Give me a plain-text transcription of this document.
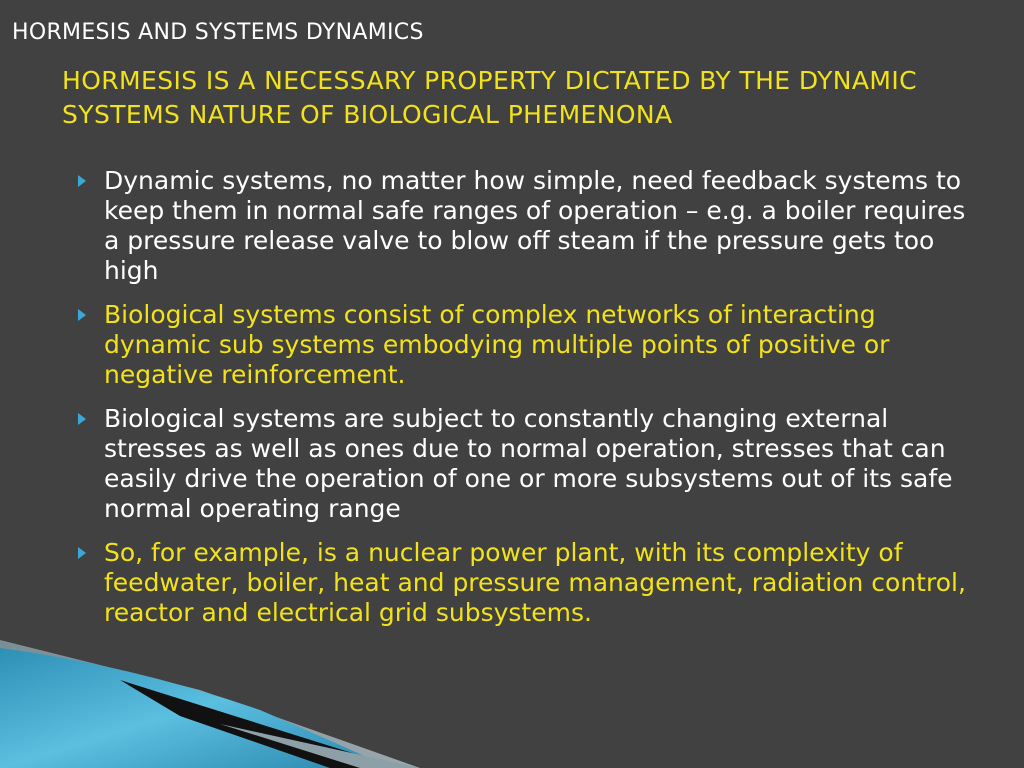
HORMESIS AND SYSTEMS DYNAMICS
HORMESIS IS A NECESSARY PROPERTY DICTATED BY THE DYNAMIC SYSTEMS NATURE OF BIOLOGICAL PHEMENONA
Dynamic systems, no matter how simple, need feedback systems to keep them in normal safe ranges of operation – e.g. a boiler requires a pressure release valve to blow off steam if the pressure gets too high
Biological systems consist of complex networks of interacting dynamic sub systems embodying multiple points of positive or negative reinforcement.
Biological systems are subject to constantly changing external stresses as well as ones due to normal operation, stresses that can easily drive the operation of one or more subsystems out of its safe normal operating range
So, for example, is a nuclear power plant, with its complexity of feedwater, boiler, heat and pressure management, radiation control, reactor and electrical grid subsystems.
